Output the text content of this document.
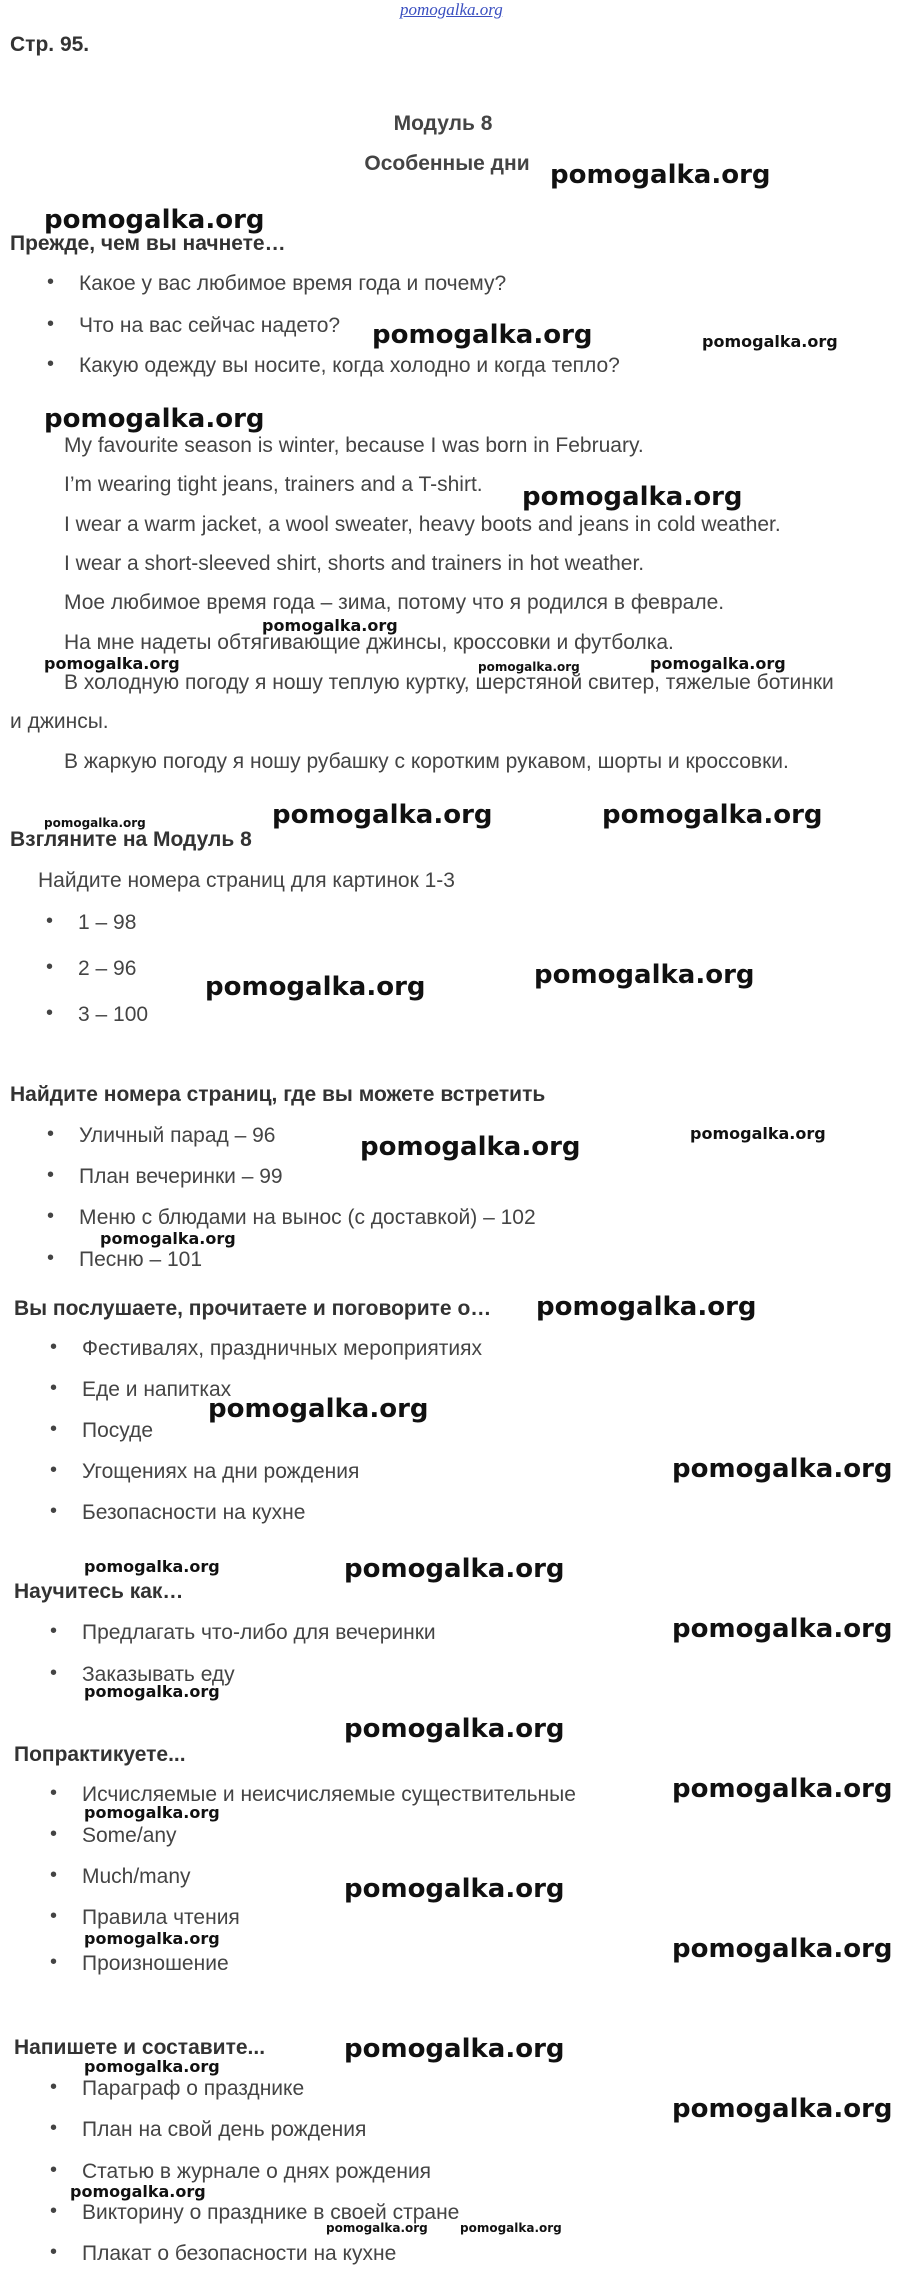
pomogalka.org
Стр. 95.
Модуль 8
Особенные дни
Прежде, чем вы начнете…
• Какое у вас любимое время года и почему?
• Что на вас сейчас надето?
• Какую одежду вы носите, когда холодно и когда тепло?
My favourite season is winter, because I was born in February.
I’m wearing tight jeans, trainers and a T-shirt.
I wear a warm jacket, a wool sweater, heavy boots and jeans in cold weather.
I wear a short-sleeved shirt, shorts and trainers in hot weather.
Мое любимое время года – зима, потому что я родился в феврале.
На мне надеты обтягивающие джинсы, кроссовки и футболка.
В холодную погоду я ношу теплую куртку, шерстяной свитер, тяжелые ботинки
и джинсы.
В жаркую погоду я ношу рубашку с коротким рукавом, шорты и кроссовки.
Взгляните на Модуль 8
Найдите номера страниц для картинок 1-3
• 1 – 98
• 2 – 96
• 3 – 100
Найдите номера страниц, где вы можете встретить
• Уличный парад – 96
• План вечеринки – 99
• Меню с блюдами на вынос (с доставкой) – 102
• Песню – 101
Вы послушаете, прочитаете и поговорите о…
• Фестивалях, праздничных мероприятиях
• Еде и напитках
• Посуде
• Угощениях на дни рождения
• Безопасности на кухне
Научитесь как…
• Предлагать что-либо для вечеринки
• Заказывать еду
Попрактикуете...
• Исчисляемые и неисчисляемые существительные
• Some/any
• Much/many
• Правила чтения
• Произношение
Напишете и составите...
• Параграф о празднике
• План на свой день рождения
• Статью в журнале о днях рождения
• Викторину о празднике в своей стране
• Плакат о безопасности на кухне
pomogalka.org
pomogalka.org
pomogalka.org	pomogalka.org
pomogalka.org
pomogalka.org
pomogalka.org
pomogalka.org	pomogalka.org
pomogalka.org
pomogalka.org	pomogalka.org	pomogalka.org
pomogalka.org
pomogalka.org
pomogalka.org
pomogalka.org
pomogalka.org
pomogalka.org
pomogalka.org
pomogalka.org
pomogalka.org	pomogalka.org
pomogalka.org
pomogalka.org
pomogalka.org
pomogalka.org
pomogalka.org
pomogalka.org
pomogalka.org	pomogalka.org
pomogalka.org
pomogalka.org
pomogalka.org
pomogalka.org
pomogalka.org	pomogalka.org
